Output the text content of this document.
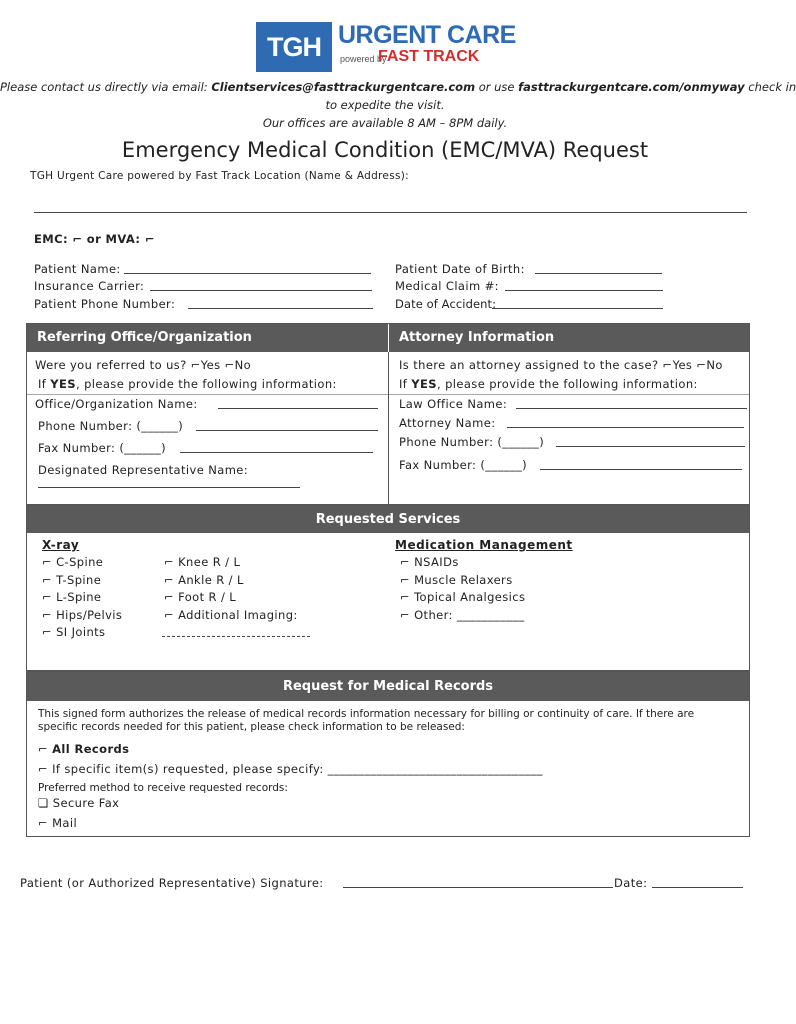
TGH URGENT CARE
powered by
FAST TRACK
Please contact us directly via email: Clientservices@fasttrackurgentcare.com or use fasttrackurgentcare.com/onmyway check in
to expedite the visit.
Our offices are available 8 AM – 8PM daily.
Emergency Medical Condition (EMC/MVA) Request
TGH Urgent Care powered by Fast Track Location (Name & Address):
EMC: ⌐ or MVA: ⌐
Patient Name:
Insurance Carrier:
Patient Phone Number:
Patient Date of Birth:
Medical Claim #:
Date of Accident:
Referring Office/Organization	Attorney Information
Were you referred to us? ⌐Yes ⌐No
If YES, please provide the following information:
Office/Organization Name:
Phone Number: (______)
Fax Number: (______)
Designated Representative Name:
Is there an attorney assigned to the case? ⌐Yes ⌐No
If YES, please provide the following information:
Law Office Name:
Attorney Name:
Phone Number: (______)
Fax Number: (______)
Requested Services
X-ray
⌐ C-Spine
⌐ T-Spine
⌐ L-Spine
⌐ Hips/Pelvis
⌐ SI Joints
⌐ Knee R / L
⌐ Ankle R / L
⌐ Foot R / L
⌐ Additional Imaging:
Medication Management
⌐ NSAIDs
⌐ Muscle Relaxers
⌐ Topical Analgesics
⌐ Other: ___________
Request for Medical Records
This signed form authorizes the release of medical records information necessary for billing or continuity of care. If there are
specific records needed for this patient, please check information to be released:
⌐ All Records
⌐ If specific item(s) requested, please specify: ___________________________________
Preferred method to receive requested records:
❏ Secure Fax
⌐ Mail
Patient (or Authorized Representative) Signature:	Date:
